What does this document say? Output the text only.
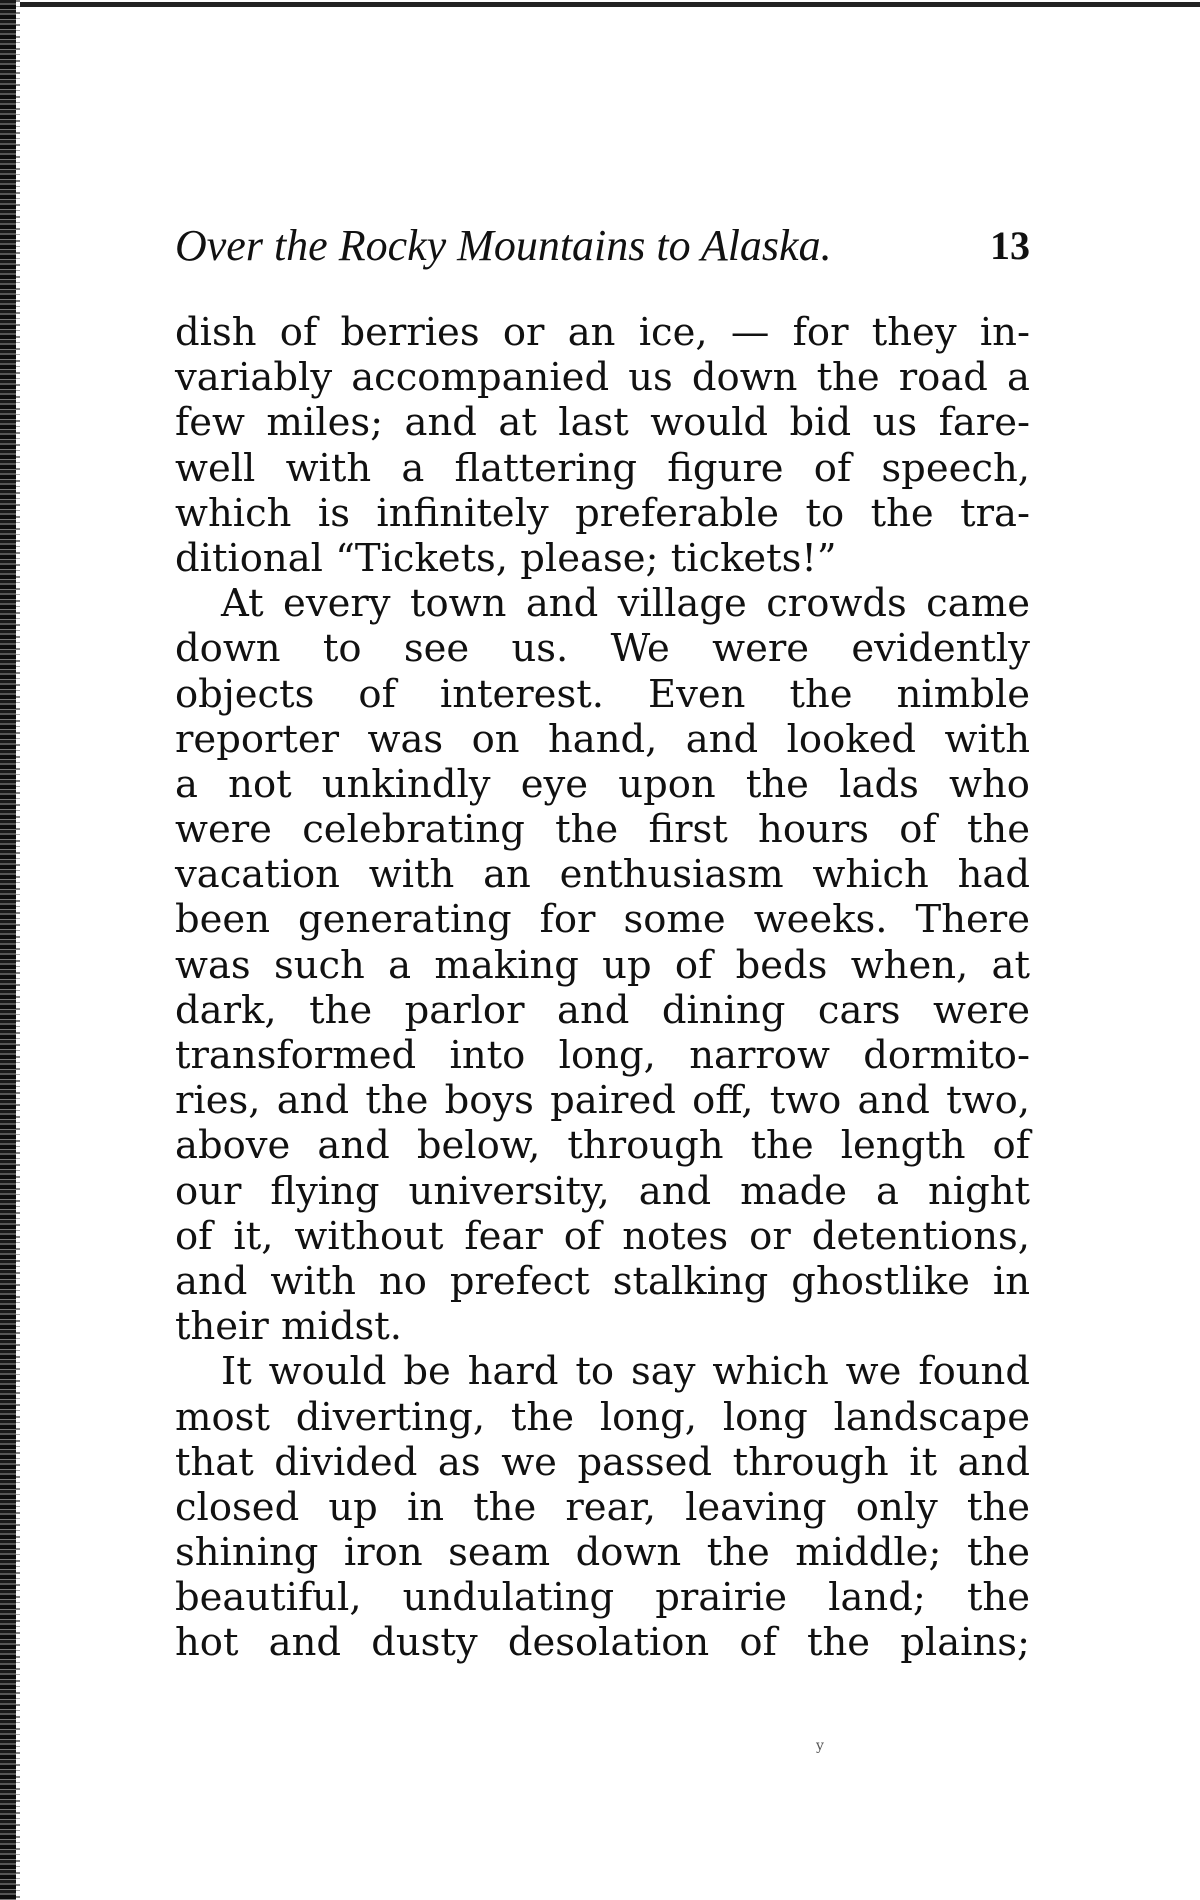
Over the Rocky Mountains to Alaska.	13
dish of berries or an ice, — for they in-
variably accompanied us down the road a
few miles; and at last would bid us fare-
well with a flattering figure of speech,
which is infinitely preferable to the tra-
ditional “Tickets, please; tickets!”
At every town and village crowds came
down to see us. We were evidently
objects of interest. Even the nimble
reporter was on hand, and looked with
a not unkindly eye upon the lads who
were celebrating the first hours of the
vacation with an enthusiasm which had
been generating for some weeks. There
was such a making up of beds when, at
dark, the parlor and dining cars were
transformed into long, narrow dormito-
ries, and the boys paired off, two and two,
above and below, through the length of
our flying university, and made a night
of it, without fear of notes or detentions,
and with no prefect stalking ghostlike in
their midst.
It would be hard to say which we found
most diverting, the long, long landscape
that divided as we passed through it and
closed up in the rear, leaving only the
shining iron seam down the middle; the
beautiful, undulating prairie land; the
hot and dusty desolation of the plains;
y
